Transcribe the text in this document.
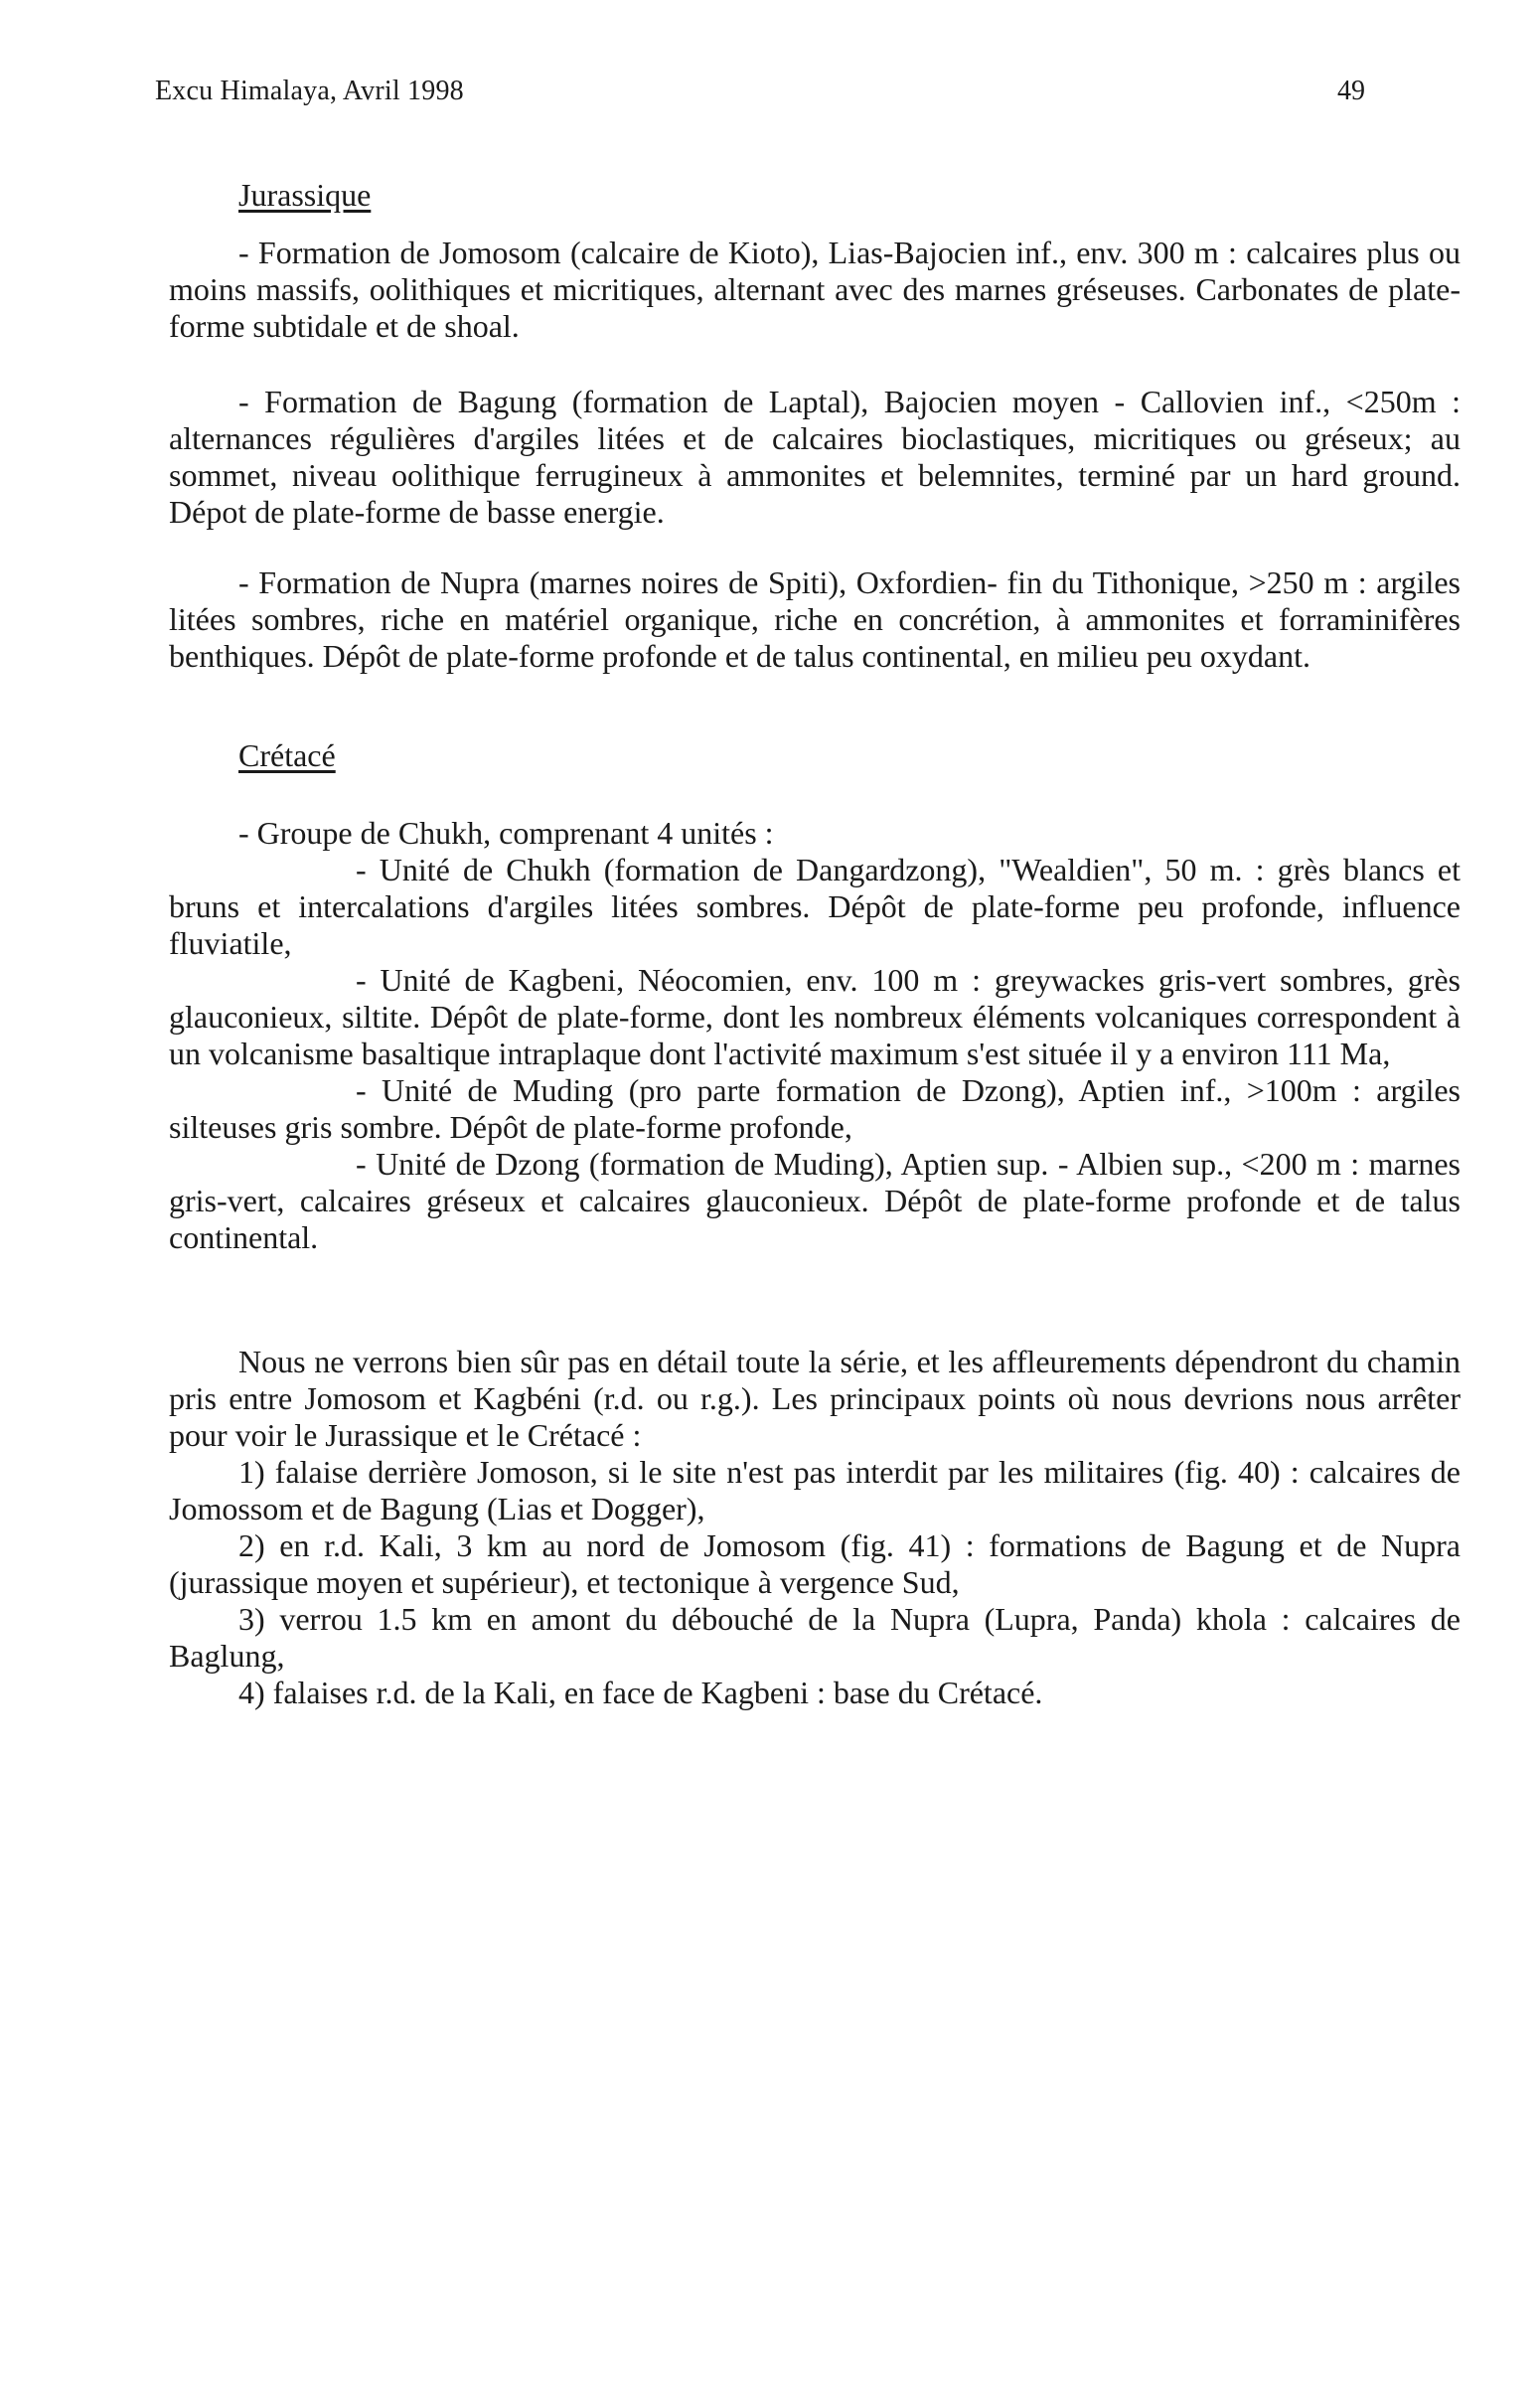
Excu Himalaya, Avril 1998	49
Jurassique

- Formation de Jomosom (calcaire de Kioto), Lias-Bajocien inf., env. 300 m : calcaires plus ou moins massifs, oolithiques et micritiques, alternant avec des marnes gréseuses. Carbonates de plate-forme subtidale et de shoal.

- Formation de Bagung (formation de Laptal), Bajocien moyen - Callovien inf., <250m : alternances régulières d'argiles litées et de calcaires bioclastiques, micritiques ou gréseux; au sommet, niveau oolithique ferrugineux à ammonites et belemnites, terminé par un hard ground. Dépot de plate-forme de basse energie.

- Formation de Nupra (marnes noires de Spiti), Oxfordien- fin du Tithonique, >250 m : argiles litées sombres, riche en matériel organique, riche en concrétion, à ammonites et forraminifères benthiques. Dépôt de plate-forme profonde et de talus continental, en milieu peu oxydant.

Crétacé

- Groupe de Chukh, comprenant 4 unités :

- Unité de Chukh (formation de Dangardzong), "Wealdien", 50 m. : grès blancs et bruns et intercalations d'argiles litées sombres. Dépôt de plate-forme peu profonde, influence fluviatile,

- Unité de Kagbeni, Néocomien, env. 100 m : greywackes gris-vert sombres, grès glauconieux, siltite. Dépôt de plate-forme, dont les nombreux éléments volcaniques correspondent à un volcanisme basaltique intraplaque dont l'activité maximum s'est située il y a environ 111 Ma,

- Unité de Muding (pro parte formation de Dzong), Aptien inf., >100m : argiles silteuses gris sombre. Dépôt de plate-forme profonde,

- Unité de Dzong (formation de Muding), Aptien sup. - Albien sup., <200 m : marnes gris-vert, calcaires gréseux et calcaires glauconieux. Dépôt de plate-forme profonde et de talus continental.

Nous ne verrons bien sûr pas en détail toute la série, et les affleurements dépendront du chamin pris entre Jomosom et Kagbéni (r.d. ou r.g.). Les principaux points où nous devrions nous arrêter pour voir le Jurassique et le Crétacé :

1) falaise derrière Jomoson, si le site n'est pas interdit par les militaires (fig. 40) : calcaires de Jomossom et de Bagung (Lias et Dogger),

2) en r.d. Kali, 3 km au nord de Jomosom (fig. 41) : formations de Bagung et de Nupra (jurassique moyen et supérieur), et tectonique à vergence Sud,

3) verrou 1.5 km en amont du débouché de la Nupra (Lupra, Panda) khola : calcaires de Baglung,

4) falaises r.d. de la Kali, en face de Kagbeni : base du Crétacé.
